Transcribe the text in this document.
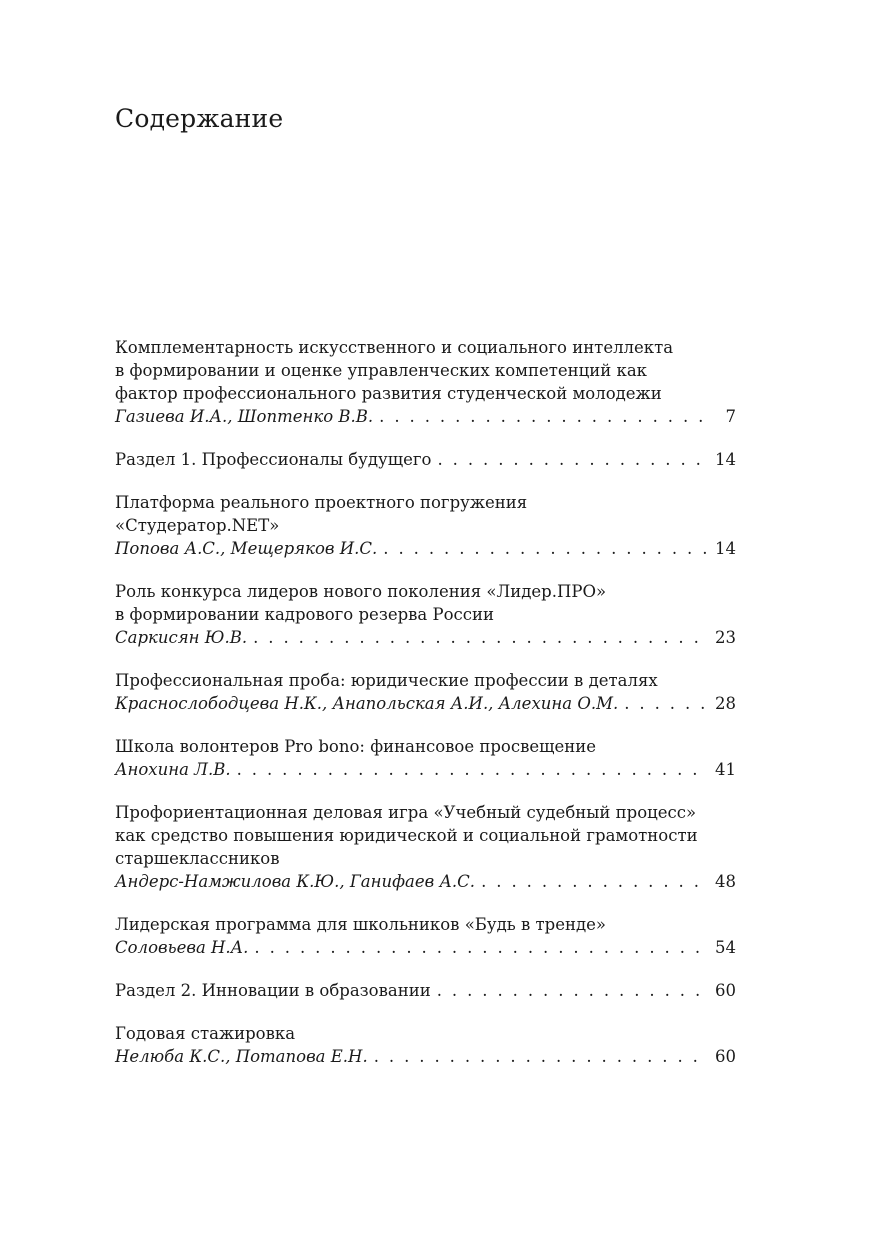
Содержание
Комплементарность искусственного и социального интеллекта
в формировании и оценке управленческих компетенций как
фактор профессионального развития студенческой молодежи
Газиева И.А., Шоптенко В.В. . . .	7
Раздел 1. Профессионалы будущего . . .	14
Платформа реального проектного погружения
«Студератор.NET»
Попова А.С., Мещеряков И.С. . . .	14
Роль конкурса лидеров нового поколения «Лидер.ПРО»
в формировании кадрового резерва России
Саркисян Ю.В. . . .	23
Профессиональная проба: юридические профессии в деталях
Краснослободцева Н.К., Анапольская А.И., Алехина О.М. . . .	28
Школа волонтеров Pro bono: финансовое просвещение
Анохина Л.В. . . .	41
Профориентационная деловая игра «Учебный судебный процесс»
как средство повышения юридической и социальной грамотности
старшеклассников
Андерс-Намжилова К.Ю., Ганифаев А.С. . . .	48
Лидерская программа для школьников «Будь в тренде»
Соловьева Н.А. . . .	54
Раздел 2. Инновации в образовании . . .	60
Годовая стажировка
Нелюба К.С., Потапова Е.Н. . . .	60
